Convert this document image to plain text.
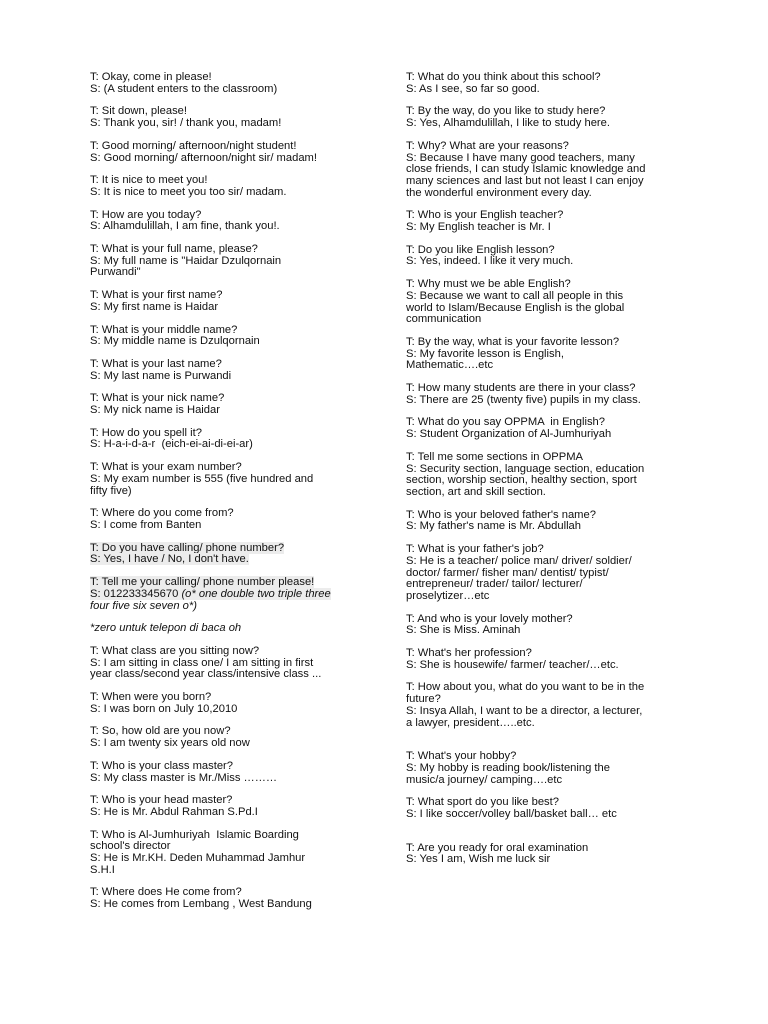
T: Okay, come in please!
S: (A student enters to the classroom)
T: Sit down, please!
S: Thank you, sir! / thank you, madam!
T: Good morning/ afternoon/night student!
S: Good morning/ afternoon/night sir/ madam!
T: It is nice to meet you!
S: It is nice to meet you too sir/ madam.
T: How are you today?
S: Alhamdulillah, I am fine, thank you!.
T: What is your full name, please?
S: My full name is "Haidar Dzulqornain
Purwandi"
T: What is your first name?
S: My first name is Haidar
T: What is your middle name?
S: My middle name is Dzulqornain
T: What is your last name?
S: My last name is Purwandi
T: What is your nick name?
S: My nick name is Haidar
T: How do you spell it?
S: H-a-i-d-a-r  (eich-ei-ai-di-ei-ar)
T: What is your exam number?
S: My exam number is 555 (five hundred and
fifty five)
T: Where do you come from?
S: I come from Banten
T: Do you have calling/ phone number?
S: Yes, I have / No, I don't have.
T: Tell me your calling/ phone number please!
S: 012233345670 (o* one double two triple three
four five six seven o*)
*zero untuk telepon di baca oh
T: What class are you sitting now?
S: I am sitting in class one/ I am sitting in first
year class/second year class/intensive class ...
T: When were you born?
S: I was born on July 10,2010
T: So, how old are you now?
S: I am twenty six years old now
T: Who is your class master?
S: My class master is Mr./Miss ………
T: Who is your head master?
S: He is Mr. Abdul Rahman S.Pd.I
T: Who is Al-Jumhuriyah  Islamic Boarding
school's director
S: He is Mr.KH. Deden Muhammad Jamhur
S.H.I
T: Where does He come from?
S: He comes from Lembang , West Bandung
T: What do you think about this school?
S: As I see, so far so good.
T: By the way, do you like to study here?
S: Yes, Alhamdulillah, I like to study here.
T: Why? What are your reasons?
S: Because I have many good teachers, many
close friends, I can study Islamic knowledge and
many sciences and last but not least I can enjoy
the wonderful environment every day.
T: Who is your English teacher?
S: My English teacher is Mr. I
T: Do you like English lesson?
S: Yes, indeed. I like it very much.
T: Why must we be able English?
S: Because we want to call all people in this
world to Islam/Because English is the global
communication
T: By the way, what is your favorite lesson?
S: My favorite lesson is English,
Mathematic….etc
T: How many students are there in your class?
S: There are 25 (twenty five) pupils in my class.
T: What do you say OPPMA  in English?
S: Student Organization of Al-Jumhuriyah
T: Tell me some sections in OPPMA
S: Security section, language section, education
section, worship section, healthy section, sport
section, art and skill section.
T: Who is your beloved father's name?
S: My father's name is Mr. Abdullah
T: What is your father's job?
S: He is a teacher/ police man/ driver/ soldier/
doctor/ farmer/ fisher man/ dentist/ typist/
entrepreneur/ trader/ tailor/ lecturer/
proselytizer…etc
T: And who is your lovely mother?
S: She is Miss. Aminah
T: What's her profession?
S: She is housewife/ farmer/ teacher/…etc.
T: How about you, what do you want to be in the
future?
S: Insya Allah, I want to be a director, a lecturer,
a lawyer, president…..etc.
T: What's your hobby?
S: My hobby is reading book/listening the
music/a journey/ camping….etc
T: What sport do you like best?
S: I like soccer/volley ball/basket ball… etc
T: Are you ready for oral examination
S: Yes I am, Wish me luck sir
